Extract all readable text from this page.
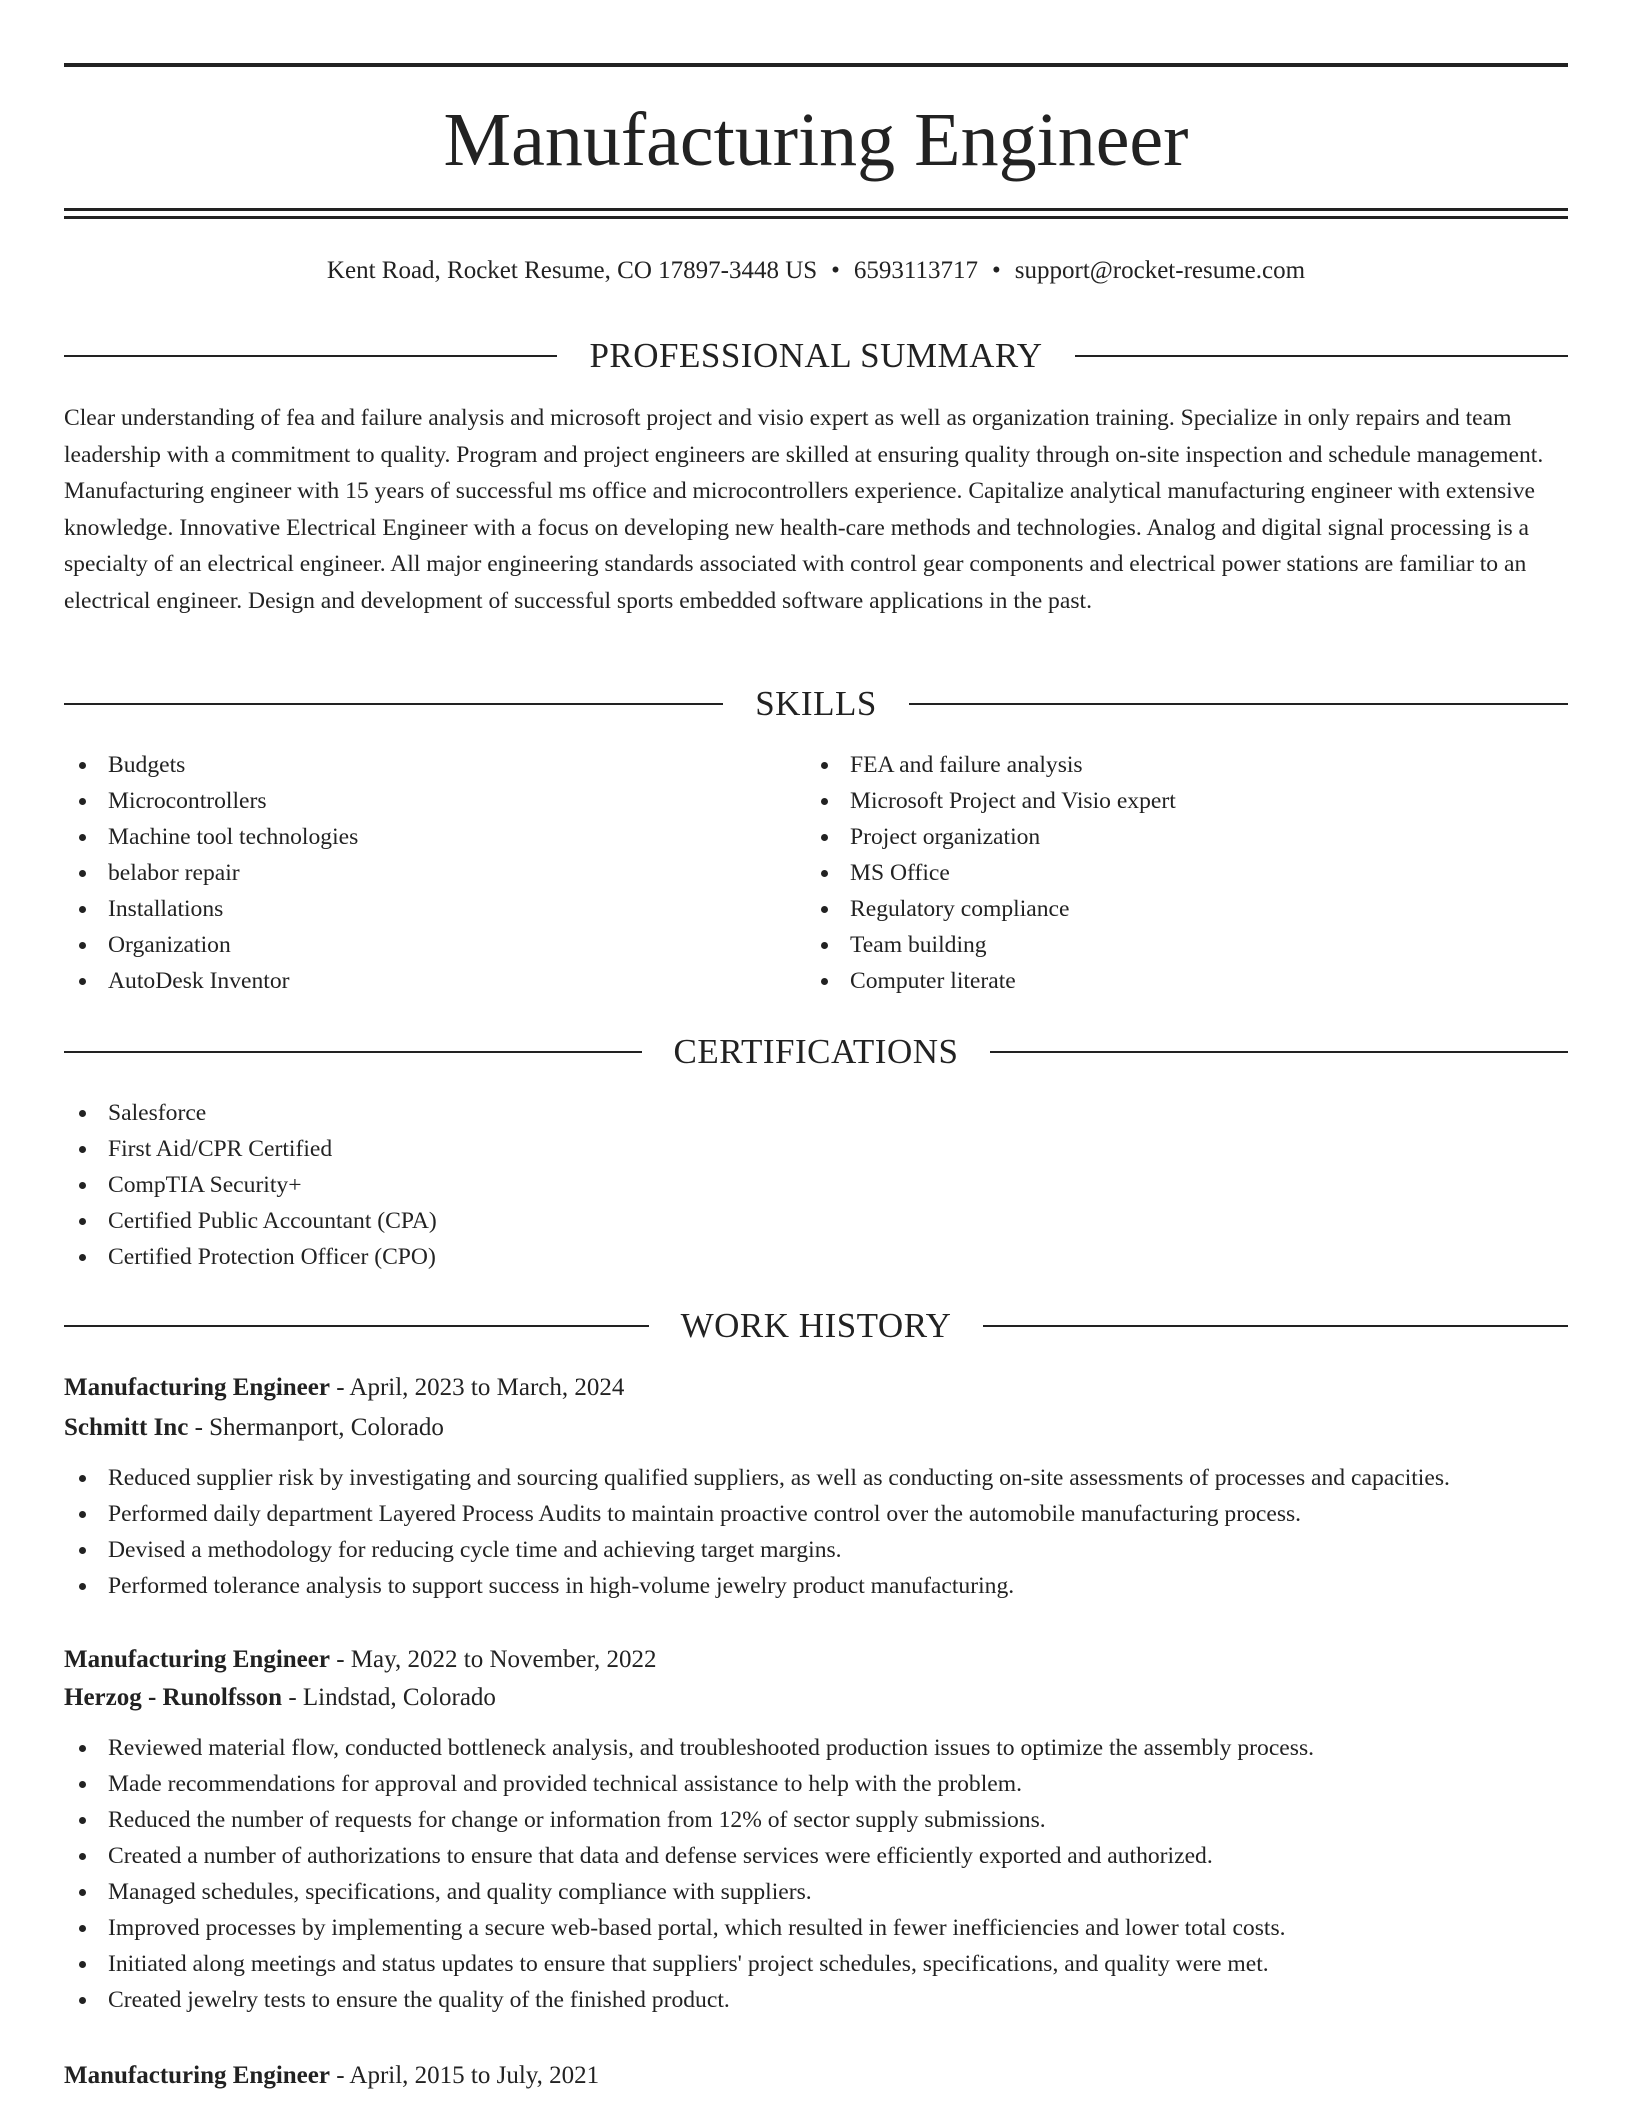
Manufacturing Engineer
Kent Road, Rocket Resume, CO 17897-3448 US • 6593113717 • support@rocket-resume.com
PROFESSIONAL SUMMARY

Clear understanding of fea and failure analysis and microsoft project and visio expert as well as organization training. Specialize in only repairs and team leadership with a commitment to quality. Program and project engineers are skilled at ensuring quality through on-site inspection and schedule management. Manufacturing engineer with 15 years of successful ms office and microcontrollers experience. Capitalize analytical manufacturing engineer with extensive knowledge. Innovative Electrical Engineer with a focus on developing new health-care methods and technologies. Analog and digital signal processing is a specialty of an electrical engineer. All major engineering standards associated with control gear components and electrical power stations are familiar to an electrical engineer. Design and development of successful sports embedded software applications in the past.

SKILLS
Budgets
Microcontrollers
Machine tool technologies
belabor repair
Installations
Organization
AutoDesk Inventor
FEA and failure analysis
Microsoft Project and Visio expert
Project organization
MS Office
Regulatory compliance
Team building
Computer literate
CERTIFICATIONS
Salesforce
First Aid/CPR Certified
CompTIA Security+
Certified Public Accountant (CPA)
Certified Protection Officer (CPO)
WORK HISTORY
Manufacturing Engineer - April, 2023 to March, 2024
Schmitt Inc - Shermanport, Colorado
Reduced supplier risk by investigating and sourcing qualified suppliers, as well as conducting on-site assessments of processes and capacities.
Performed daily department Layered Process Audits to maintain proactive control over the automobile manufacturing process.
Devised a methodology for reducing cycle time and achieving target margins.
Performed tolerance analysis to support success in high-volume jewelry product manufacturing.
Manufacturing Engineer - May, 2022 to November, 2022
Herzog - Runolfsson - Lindstad, Colorado
Reviewed material flow, conducted bottleneck analysis, and troubleshooted production issues to optimize the assembly process.
Made recommendations for approval and provided technical assistance to help with the problem.
Reduced the number of requests for change or information from 12% of sector supply submissions.
Created a number of authorizations to ensure that data and defense services were efficiently exported and authorized.
Managed schedules, specifications, and quality compliance with suppliers.
Improved processes by implementing a secure web-based portal, which resulted in fewer inefficiencies and lower total costs.
Initiated along meetings and status updates to ensure that suppliers' project schedules, specifications, and quality were met.
Created jewelry tests to ensure the quality of the finished product.
Manufacturing Engineer - April, 2015 to July, 2021
